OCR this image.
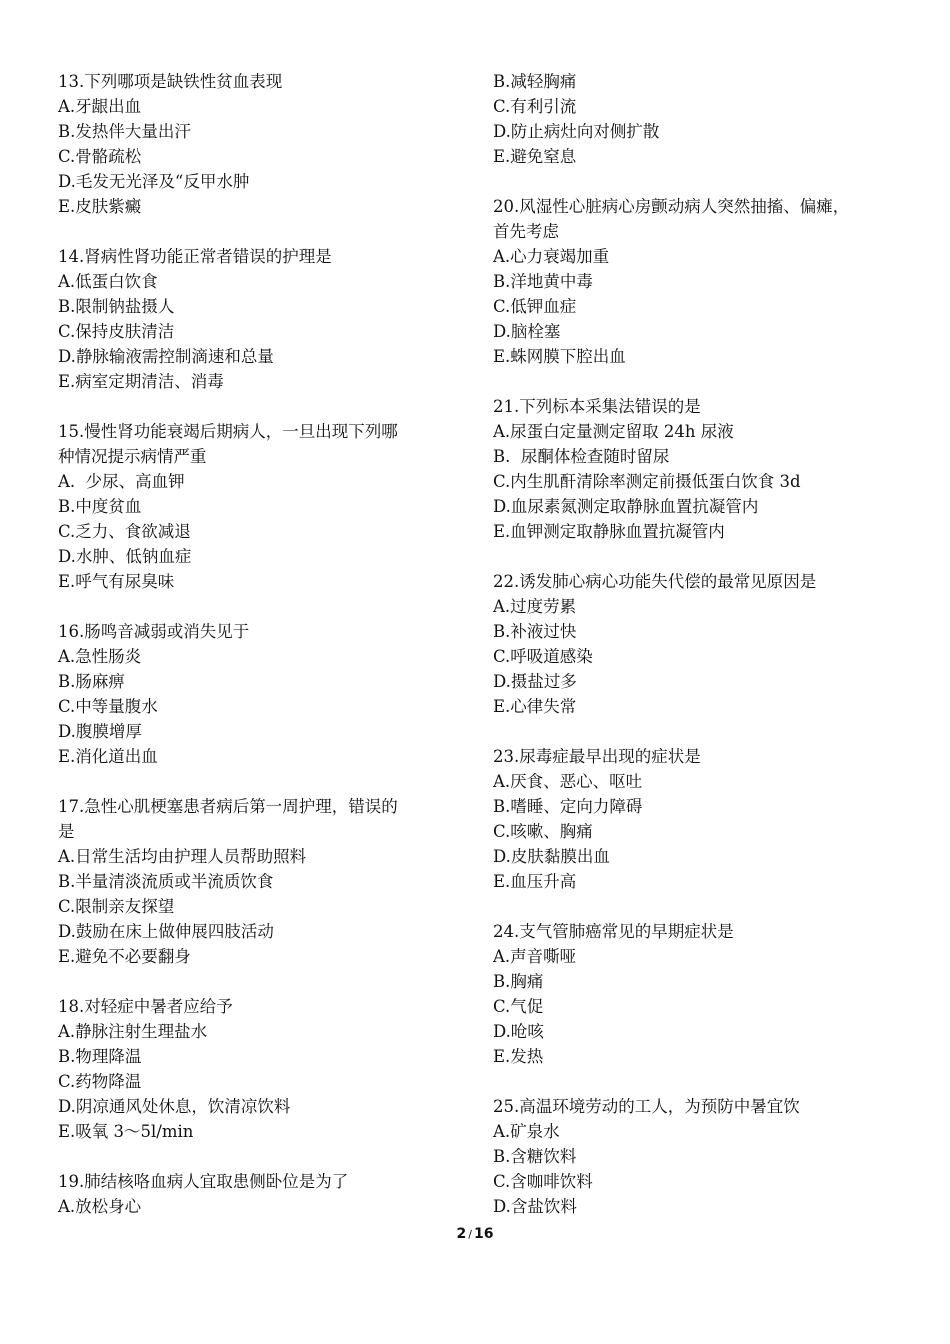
13.下列哪项是缺铁性贫血表现

A.牙龈出血

B.发热伴大量出汗

C.骨骼疏松

D.毛发无光泽及“反甲水肿

E.皮肤紫癜

14.肾病性肾功能正常者错误的护理是

A.低蛋白饮食

B.限制钠盐摄人

C.保持皮肤清洁

D.静脉输液需控制滴速和总量

E.病室定期清洁、消毒

15.慢性肾功能衰竭后期病人，一旦出现下列哪

种情况提示病情严重

A.  少尿、高血钾

B.中度贫血

C.乏力、食欲减退

D.水肿、低钠血症

E.呼气有尿臭味

16.肠鸣音减弱或消失见于

A.急性肠炎

B.肠麻痹

C.中等量腹水

D.腹膜增厚

E.消化道出血

17.急性心肌梗塞患者病后第一周护理，错误的

是

A.日常生活均由护理人员帮助照料

B.半量清淡流质或半流质饮食

C.限制亲友探望

D.鼓励在床上做伸展四肢活动

E.避免不必要翻身

18.对轻症中暑者应给予

A.静脉注射生理盐水

B.物理降温

C.药物降温

D.阴凉通风处休息，饮清凉饮料

E.吸氧 3～5l/min

19.肺结核咯血病人宜取患侧卧位是为了

A.放松身心

B.减轻胸痛

C.有利引流

D.防止病灶向对侧扩散

E.避免窒息

20.风湿性心脏病心房颤动病人突然抽搐、偏瘫，

首先考虑

A.心力衰竭加重

B.洋地黄中毒

C.低钾血症

D.脑栓塞

E.蛛网膜下腔出血

21.下列标本采集法错误的是

A.尿蛋白定量测定留取 24h 尿液

B.  尿酮体检查随时留尿

C.内生肌酐清除率测定前摄低蛋白饮食 3d

D.血尿素氮测定取静脉血置抗凝管内

E.血钾测定取静脉血置抗凝管内

22.诱发肺心病心功能失代偿的最常见原因是

A.过度劳累

B.补液过快

C.呼吸道感染

D.摄盐过多

E.心律失常

23.尿毒症最早出现的症状是

A.厌食、恶心、呕吐

B.嗜睡、定向力障碍

C.咳嗽、胸痛

D.皮肤黏膜出血

E.血压升高

24.支气管肺癌常见的早期症状是

A.声音嘶哑

B.胸痛

C.气促

D.呛咳

E.发热

25.高温环境劳动的工人，为预防中暑宜饮

A.矿泉水

B.含糖饮料

C.含咖啡饮料

D.含盐饮料

2 / 16
